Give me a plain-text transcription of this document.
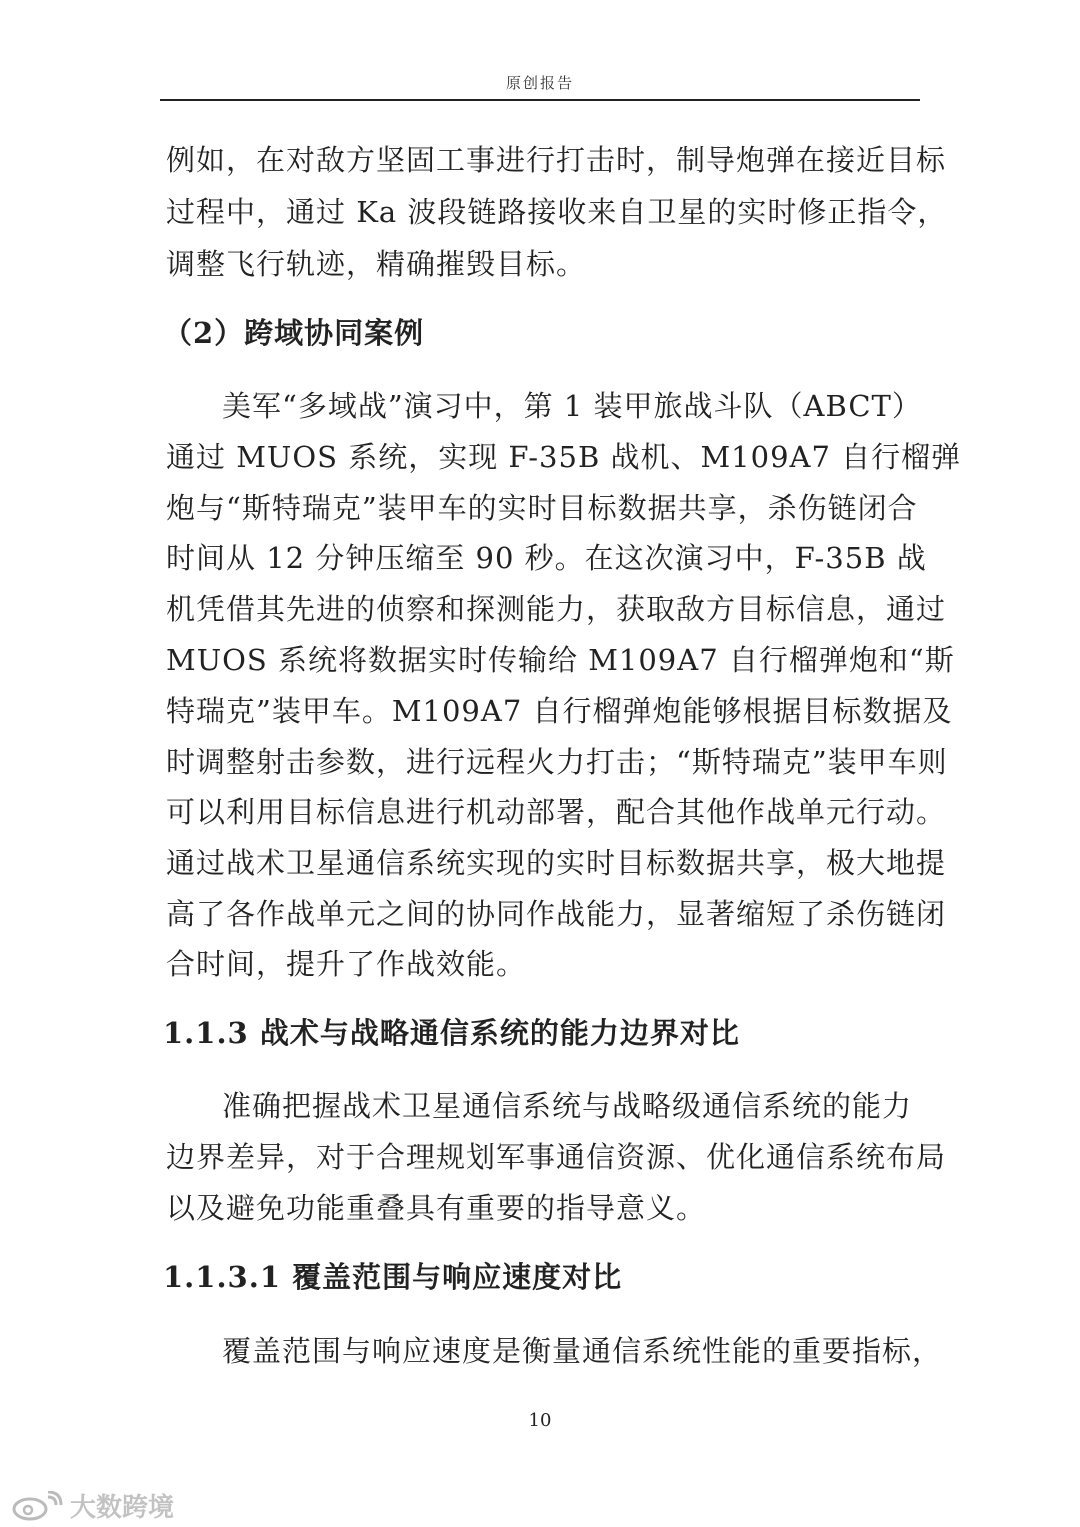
原创报告
例如，在对敌方坚固工事进行打击时，制导炮弹在接近目标
过程中，通过 Ka 波段链路接收来自卫星的实时修正指令，
调整飞行轨迹，精确摧毁目标。
（2）跨域协同案例
美军“多域战”演习中，第 1 装甲旅战斗队（ABCT）
通过 MUOS 系统，实现 F-35B 战机、M109A7 自行榴弹
炮与“斯特瑞克”装甲车的实时目标数据共享，杀伤链闭合
时间从 12 分钟压缩至 90 秒。在这次演习中，F-35B 战
机凭借其先进的侦察和探测能力，获取敌方目标信息，通过
MUOS 系统将数据实时传输给 M109A7 自行榴弹炮和“斯
特瑞克”装甲车。M109A7 自行榴弹炮能够根据目标数据及
时调整射击参数，进行远程火力打击；“斯特瑞克”装甲车则
可以利用目标信息进行机动部署，配合其他作战单元行动。
通过战术卫星通信系统实现的实时目标数据共享，极大地提
高了各作战单元之间的协同作战能力，显著缩短了杀伤链闭
合时间，提升了作战效能。
1.1.3 战术与战略通信系统的能力边界对比
准确把握战术卫星通信系统与战略级通信系统的能力
边界差异，对于合理规划军事通信资源、优化通信系统布局
以及避免功能重叠具有重要的指导意义。
1.1.3.1 覆盖范围与响应速度对比
覆盖范围与响应速度是衡量通信系统性能的重要指标，
10
大数跨境
